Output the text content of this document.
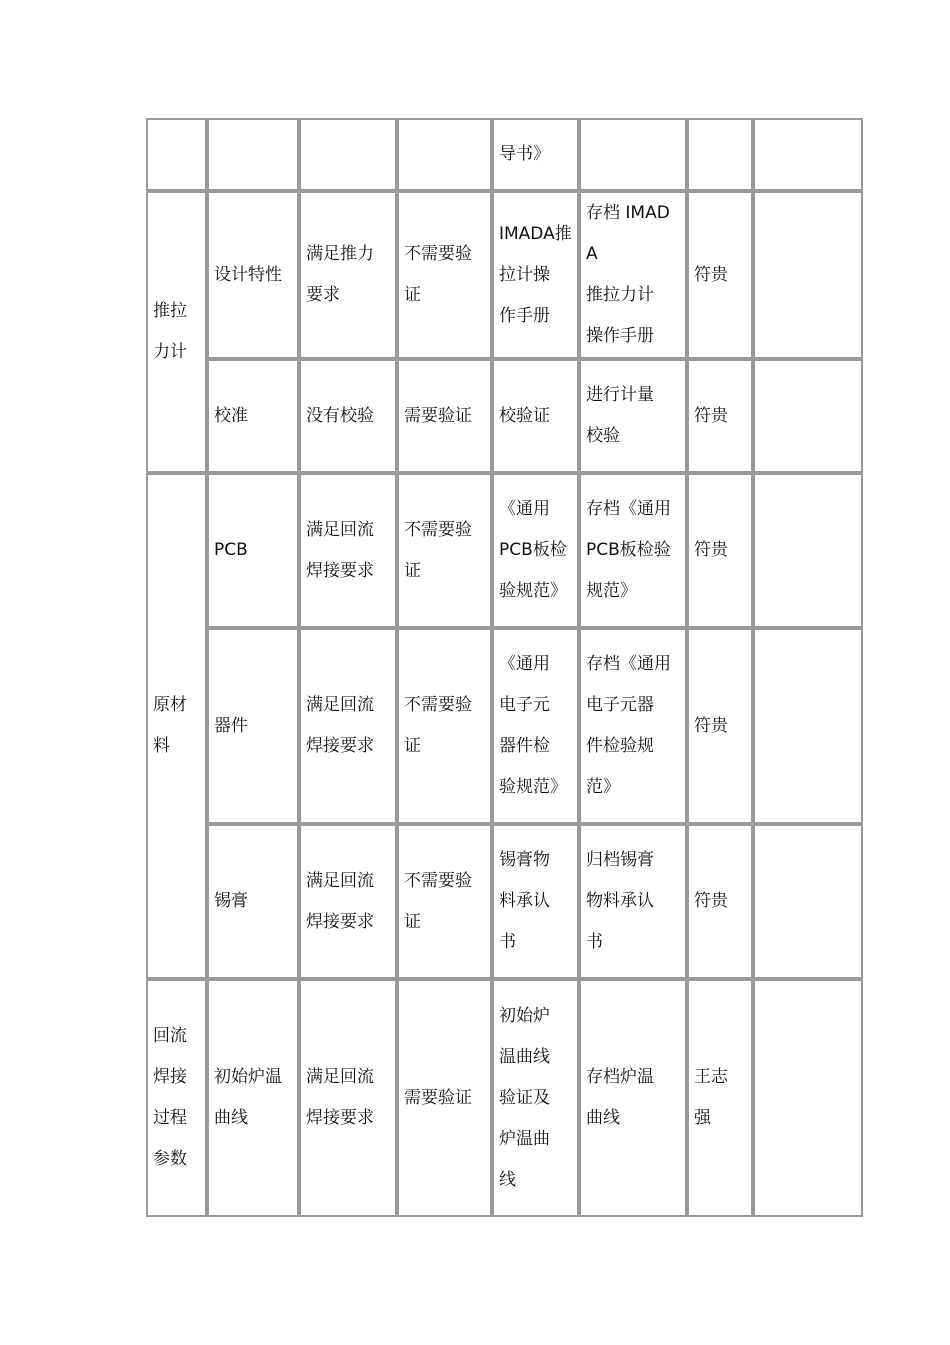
				导书》			

推拉
力计	设计特性	满足推力
要求	不需要验
证	IMADA推
拉计操
作手册	存档 IMADA
推拉力计
操作手册	符贵	

	校准	没有校验	需要验证	校验证	进行计量
校验	符贵	

原材
料	PCB	满足回流
焊接要求	不需要验
证	《通用
PCB板检
验规范》	存档《通用
PCB板检验
规范》	符贵	

	器件	满足回流
焊接要求	不需要验
证	《通用
电子元
器件检
验规范》	存档《通用
电子元器
件检验规
范》	符贵	

	锡膏	满足回流
焊接要求	不需要验
证	锡膏物
料承认
书	归档锡膏
物料承认
书	符贵	

回流
焊接
过程
参数	初始炉温
曲线	满足回流
焊接要求	需要验证	初始炉
温曲线
验证及
炉温曲
线	存档炉温
曲线	王志
强	
